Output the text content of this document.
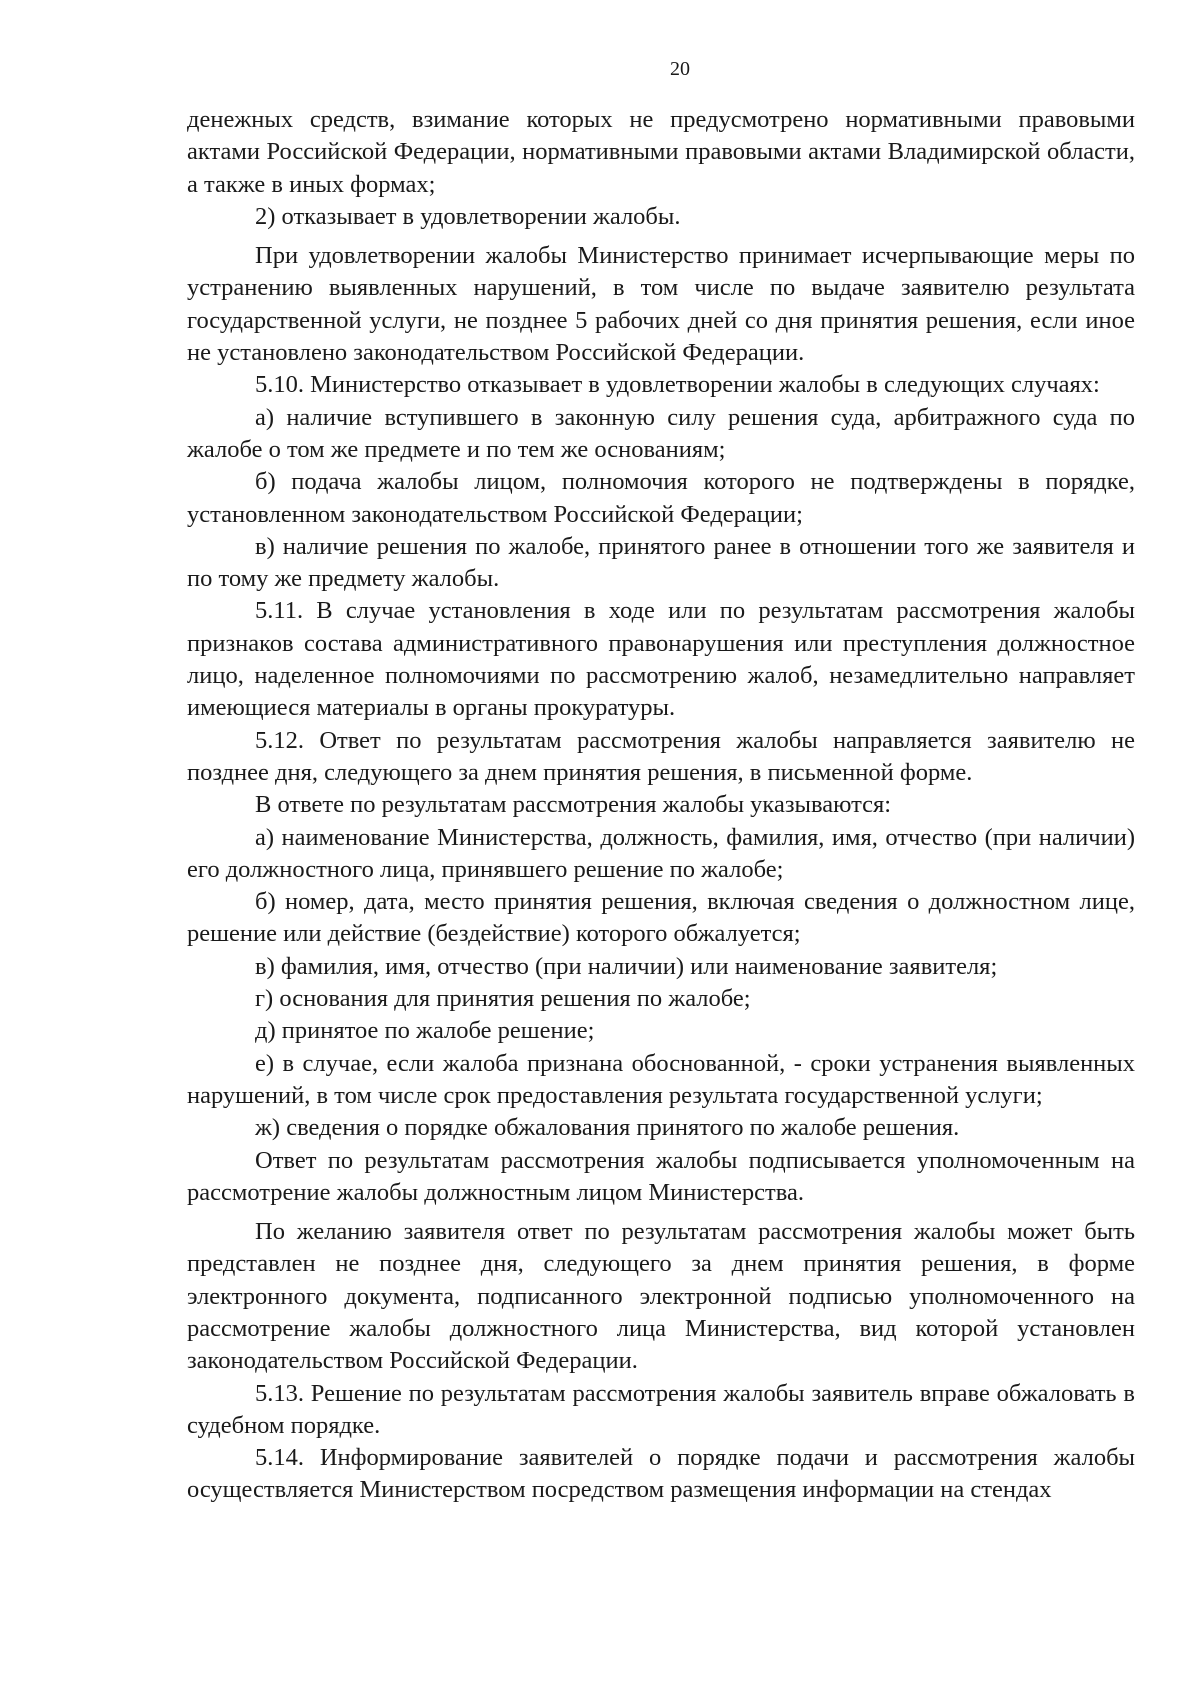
20

денежных средств, взимание которых не предусмотрено нормативными правовыми актами Российской Федерации, нормативными правовыми актами Владимирской области, а также в иных формах;

2) отказывает в удовлетворении жалобы.

При удовлетворении жалобы Министерство принимает исчерпывающие меры по устранению выявленных нарушений, в том числе по выдаче заявителю результата государственной услуги, не позднее 5 рабочих дней со дня принятия решения, если иное не установлено законодательством Российской Федерации.

5.10. Министерство отказывает в удовлетворении жалобы в следующих случаях:

а) наличие вступившего в законную силу решения суда, арбитражного суда по жалобе о том же предмете и по тем же основаниям;

б) подача жалобы лицом, полномочия которого не подтверждены в порядке, установленном законодательством Российской Федерации;

в) наличие решения по жалобе, принятого ранее в отношении того же заявителя и по тому же предмету жалобы.

5.11. В случае установления в ходе или по результатам рассмотрения жалобы признаков состава административного правонарушения или преступления должностное лицо, наделенное полномочиями по рассмотрению жалоб, незамедлительно направляет имеющиеся материалы в органы прокуратуры.

5.12. Ответ по результатам рассмотрения жалобы направляется заявителю не позднее дня, следующего за днем принятия решения, в письменной форме.

В ответе по результатам рассмотрения жалобы указываются:

а) наименование Министерства, должность, фамилия, имя, отчество (при наличии) его должностного лица, принявшего решение по жалобе;

б) номер, дата, место принятия решения, включая сведения о должностном лице, решение или действие (бездействие) которого обжалуется;

в) фамилия, имя, отчество (при наличии) или наименование заявителя;

г) основания для принятия решения по жалобе;

д) принятое по жалобе решение;

е) в случае, если жалоба признана обоснованной, - сроки устранения выявленных нарушений, в том числе срок предоставления результата государственной услуги;

ж) сведения о порядке обжалования принятого по жалобе решения.

Ответ по результатам рассмотрения жалобы подписывается уполномоченным на рассмотрение жалобы должностным лицом Министерства.

По желанию заявителя ответ по результатам рассмотрения жалобы может быть представлен не позднее дня, следующего за днем принятия решения, в форме электронного документа, подписанного электронной подписью уполномоченного на рассмотрение жалобы должностного лица Министерства, вид которой установлен законодательством Российской Федерации.

5.13. Решение по результатам рассмотрения жалобы заявитель вправе обжаловать в судебном порядке.

5.14. Информирование заявителей о порядке подачи и рассмотрения жалобы осуществляется Министерством посредством размещения информации на стендах
